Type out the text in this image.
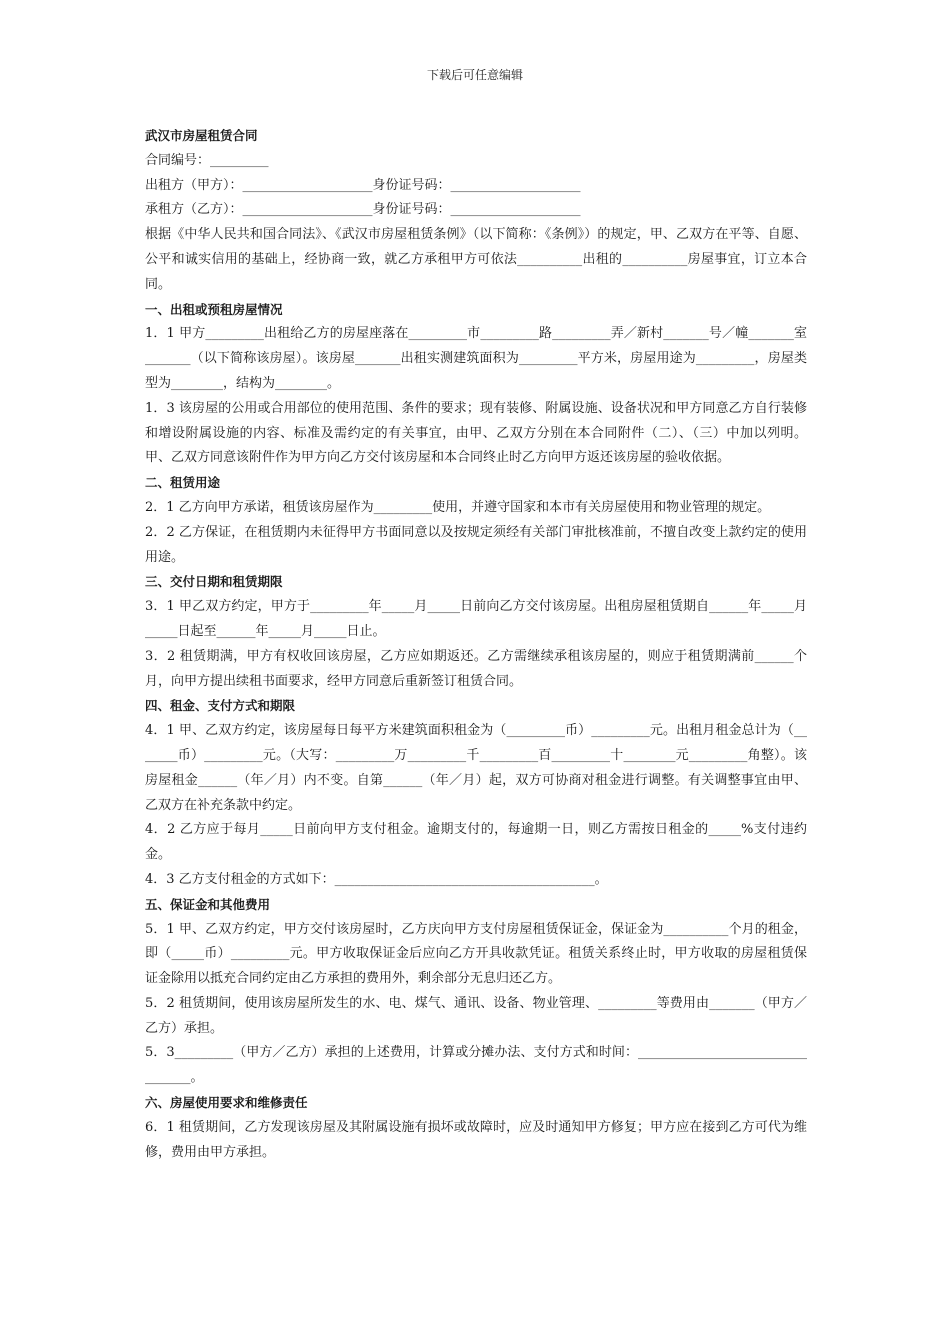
下载后可任意编辑

武汉市房屋租赁合同

合同编号：_________

出租方（甲方）：____________________身份证号码：____________________

承租方（乙方）：____________________身份证号码：____________________

根据《中华人民共和国合同法》、《武汉市房屋租赁条例》（以下简称：《条例》）的规定，甲、乙双方在平等、自愿、公平和诚实信用的基础上，经协商一致，就乙方承租甲方可依法__________出租的__________房屋事宜，订立本合同。

一、出租或预租房屋情况

1．1 甲方_________出租给乙方的房屋座落在_________市_________路_________弄／新村_______号／幢_______室_______（以下简称该房屋）。该房屋_______出租实测建筑面积为_________平方米，房屋用途为_________，房屋类型为________，结构为________。

1．3 该房屋的公用或合用部位的使用范围、条件的要求；现有装修、附属设施、设备状况和甲方同意乙方自行装修和增设附属设施的内容、标准及需约定的有关事宜，由甲、乙双方分别在本合同附件（二）、（三）中加以列明。甲、乙双方同意该附件作为甲方向乙方交付该房屋和本合同终止时乙方向甲方返还该房屋的验收依据。

二、租赁用途

2．1 乙方向甲方承诺，租赁该房屋作为_________使用，并遵守国家和本市有关房屋使用和物业管理的规定。

2．2 乙方保证，在租赁期内未征得甲方书面同意以及按规定须经有关部门审批核准前，不擅自改变上款约定的使用用途。

三、交付日期和租赁期限

3．1 甲乙双方约定，甲方于_________年_____月_____日前向乙方交付该房屋。出租房屋租赁期自______年_____月_____日起至______年_____月_____日止。

3．2 租赁期满，甲方有权收回该房屋，乙方应如期返还。乙方需继续承租该房屋的，则应于租赁期满前______个月，向甲方提出续租书面要求，经甲方同意后重新签订租赁合同。

四、租金、支付方式和期限

4．1 甲、乙双方约定，该房屋每日每平方米建筑面积租金为（_________币）_________元。出租月租金总计为（_______币）_________元。（大写：_________万_________千_________百_________十________元_________角整）。该房屋租金______（年／月）内不变。自第______（年／月）起，双方可协商对租金进行调整。有关调整事宜由甲、乙双方在补充条款中约定。

4．2 乙方应于每月_____日前向甲方支付租金。逾期支付的，每逾期一日，则乙方需按日租金的_____%支付违约金。

4．3 乙方支付租金的方式如下：________________________________________。

五、保证金和其他费用

5．1 甲、乙双方约定，甲方交付该房屋时，乙方庆向甲方支付房屋租赁保证金，保证金为__________个月的租金，即（_____币）_________元。甲方收取保证金后应向乙方开具收款凭证。租赁关系终止时，甲方收取的房屋租赁保证金除用以抵充合同约定由乙方承担的费用外，剩余部分无息归还乙方。

5．2 租赁期间，使用该房屋所发生的水、电、煤气、通讯、设备、物业管理、_________等费用由_______（甲方／乙方）承担。

5．3_________（甲方／乙方）承担的上述费用，计算或分摊办法、支付方式和时间：_________________________________。

六、房屋使用要求和维修责任

6．1 租赁期间，乙方发现该房屋及其附属设施有损坏或故障时，应及时通知甲方修复；甲方应在接到乙方可代为维修，费用由甲方承担。
